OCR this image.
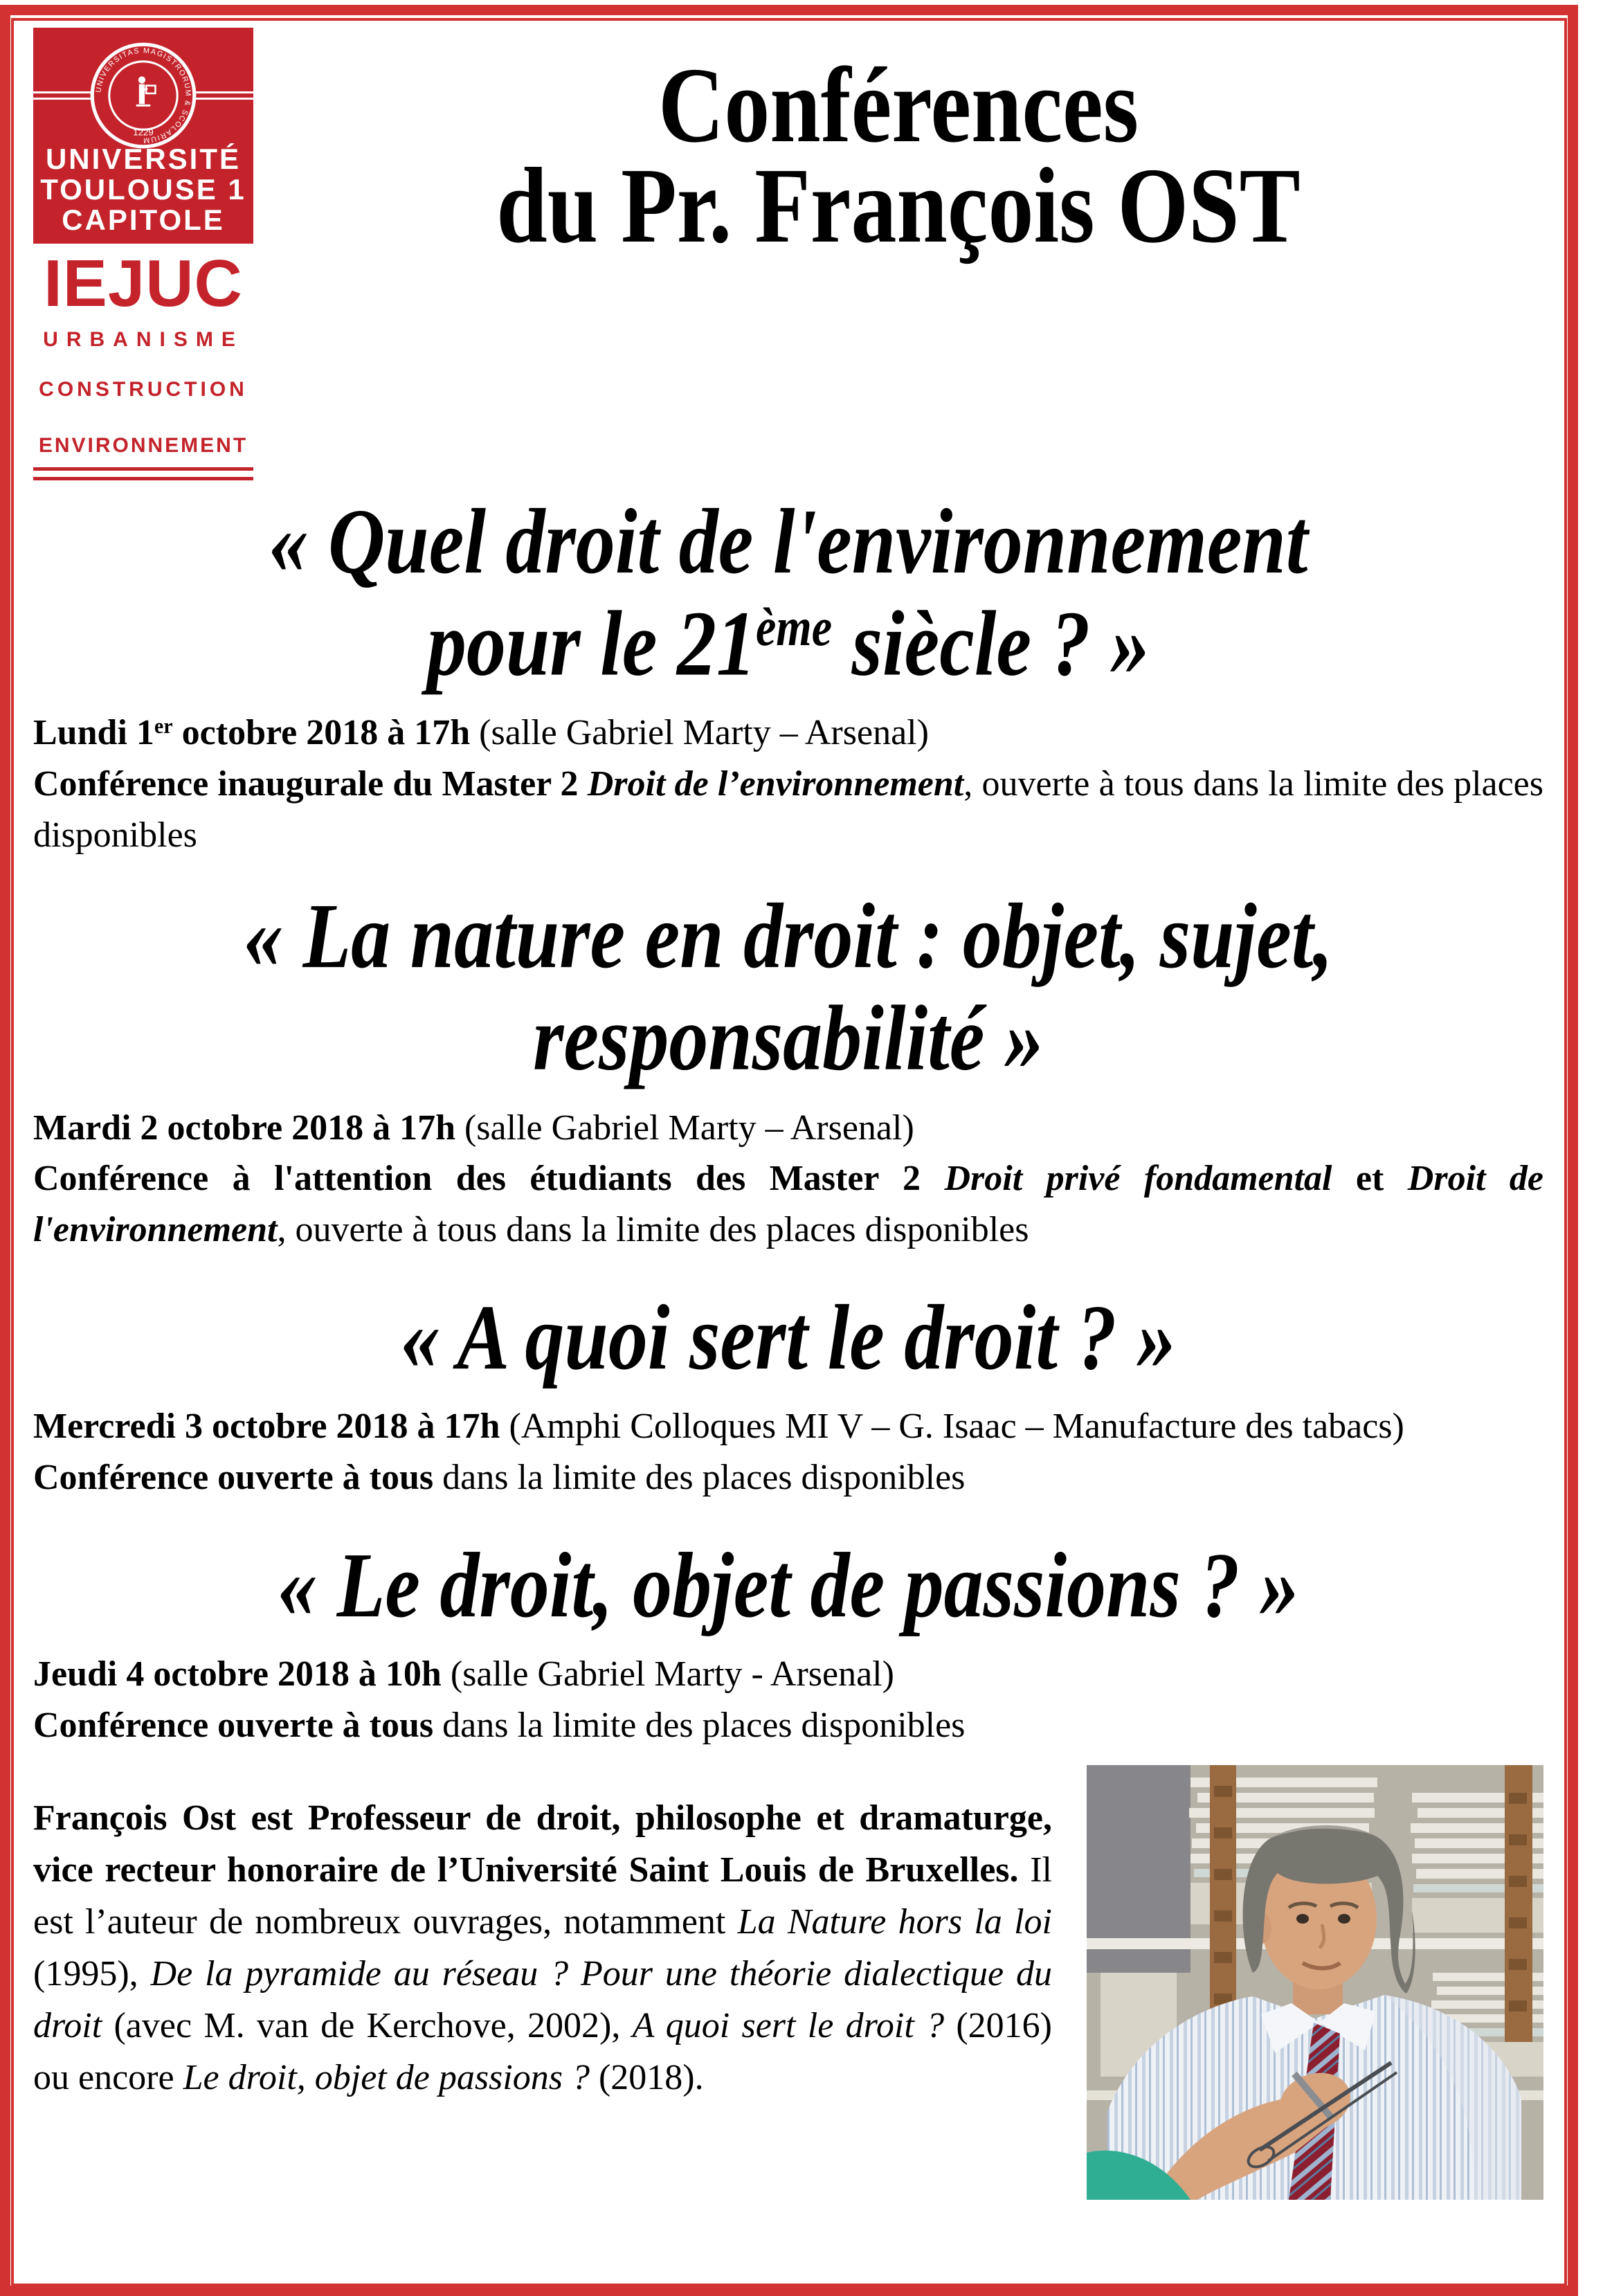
UNIVERSITAS MAGISTRORUM & SCOLARIUM
1229
UNIVERSITÉ
TOULOUSE 1
CAPITOLE
IEJUC
URBANISME
CONSTRUCTION
ENVIRONNEMENT
Conférences
du Pr. François OST
« Quel droit de l'environnement
pour le 21ème siècle ? »
Lundi 1er octobre 2018 à 17h (salle Gabriel Marty – Arsenal)
Conférence inaugurale du Master 2 Droit de l’environnement, ouverte à tous dans la limite des places disponibles
« La nature en droit : objet, sujet,
responsabilité »
Mardi 2 octobre 2018 à 17h (salle Gabriel Marty – Arsenal)
Conférence à l'attention des étudiants des Master 2 Droit privé fondamental et Droit de l'environnement, ouverte à tous dans la limite des places disponibles
« A quoi sert le droit ? »
Mercredi 3 octobre 2018 à 17h (Amphi Colloques MI V – G. Isaac – Manufacture des tabacs)
Conférence ouverte à tous dans la limite des places disponibles
« Le droit, objet de passions ? »
Jeudi 4 octobre 2018 à 10h (salle Gabriel Marty - Arsenal)
Conférence ouverte à tous dans la limite des places disponibles

François Ost est Professeur de droit, philosophe et dramaturge, vice recteur honoraire de l’Université Saint Louis de Bruxelles. Il est l’auteur de nombreux ouvrages, notamment La Nature hors la loi (1995), De la pyramide au réseau ? Pour une théorie dialectique du droit (avec M. van de Kerchove, 2002), A quoi sert le droit ? (2016) ou encore Le droit, objet de passions ? (2018).
